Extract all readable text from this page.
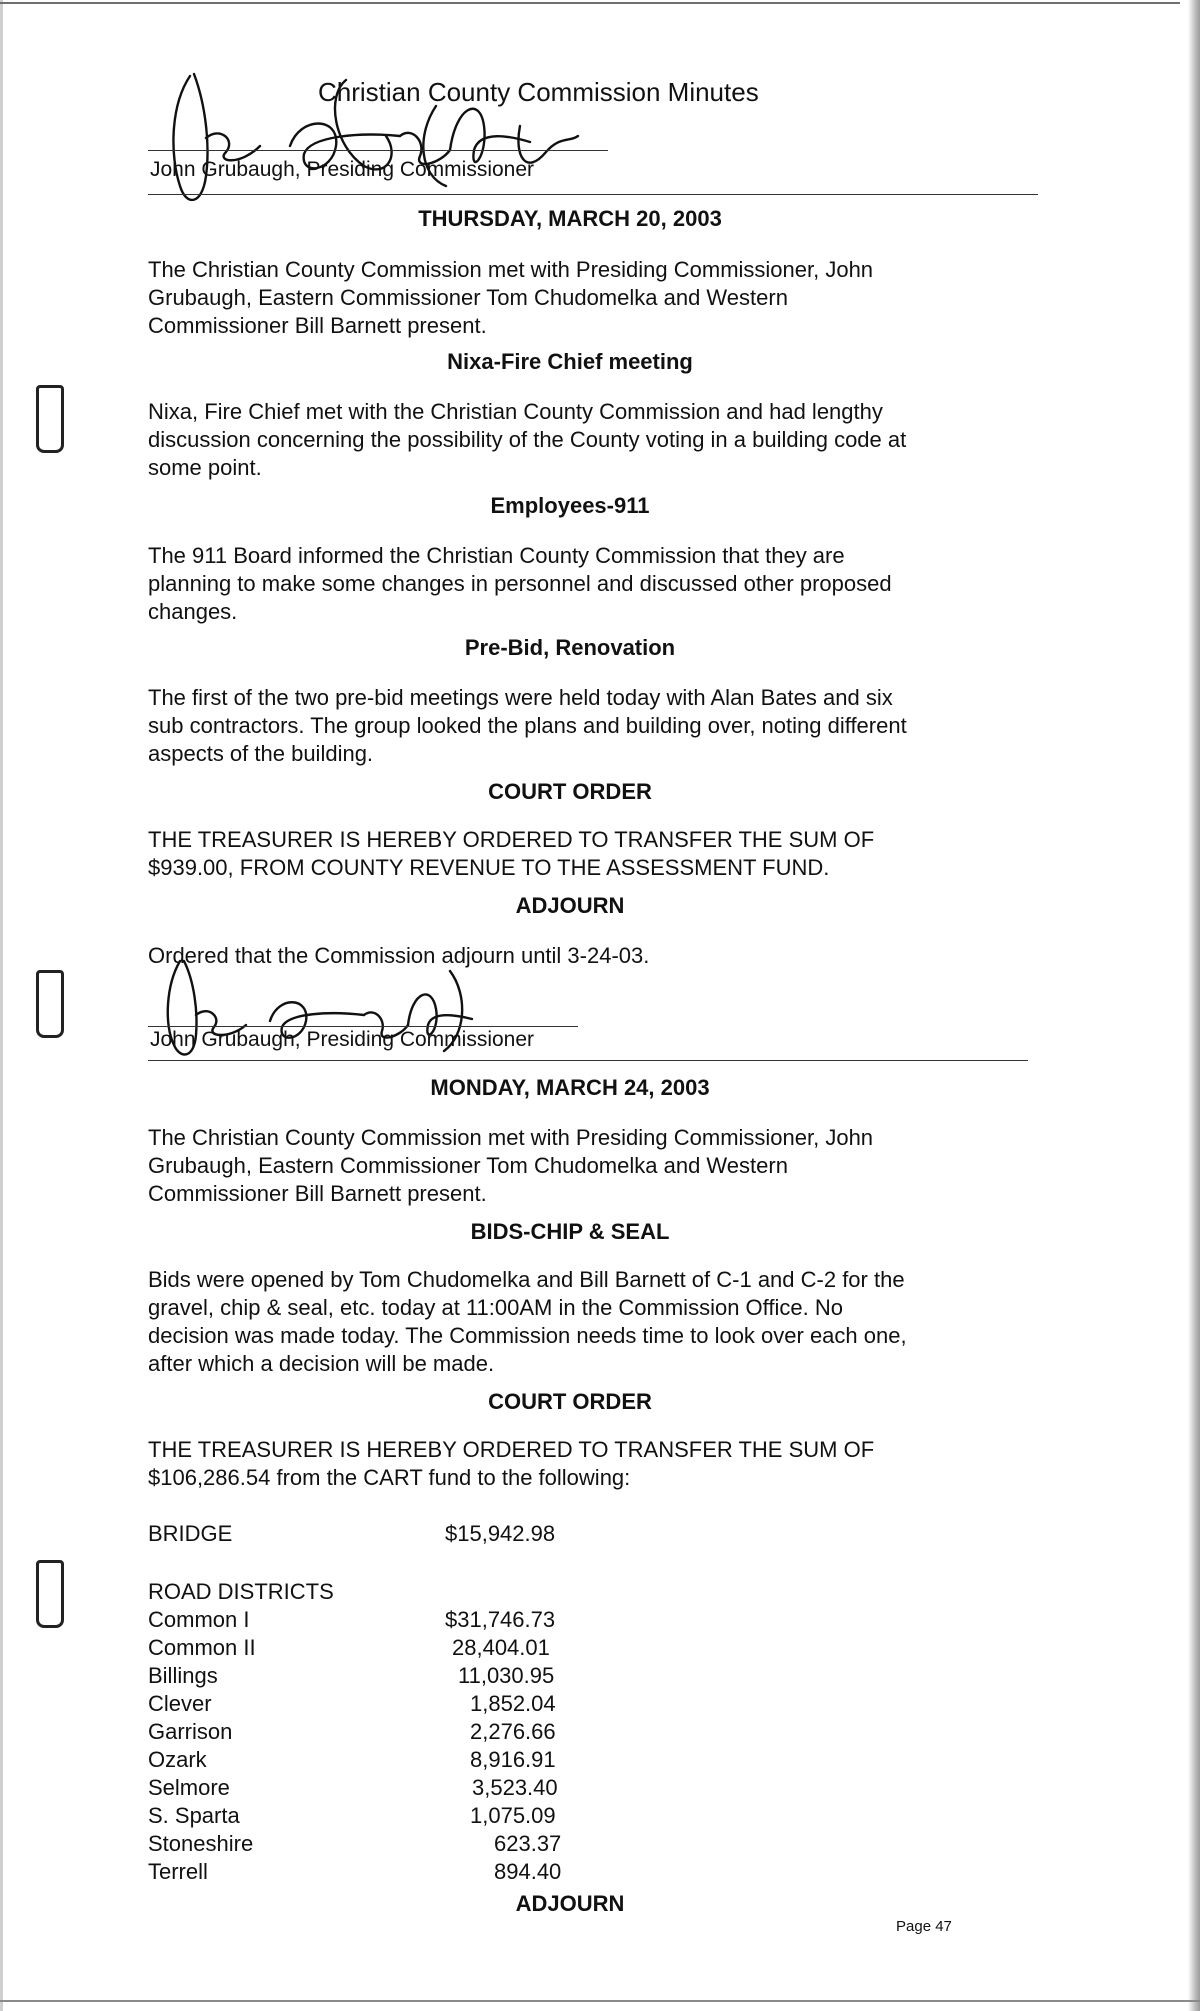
Christian County Commission Minutes
John Grubaugh, Presiding Commissioner
THURSDAY, MARCH 20, 2003
The Christian County Commission met with Presiding Commissioner, John
Grubaugh, Eastern Commissioner Tom Chudomelka and Western
Commissioner Bill Barnett present.
Nixa-Fire Chief meeting
Nixa, Fire Chief met with the Christian County Commission and had lengthy
discussion concerning the possibility of the County voting in a building code at
some point.
Employees-911
The 911 Board informed the Christian County Commission that they are
planning to make some changes in personnel and discussed other proposed
changes.
Pre-Bid, Renovation
The first of the two pre-bid meetings were held today with Alan Bates and six
sub contractors. The group looked the plans and building over, noting different
aspects of the building.
COURT ORDER
THE TREASURER IS HEREBY ORDERED TO TRANSFER THE SUM OF
$939.00, FROM COUNTY REVENUE TO THE ASSESSMENT FUND.
ADJOURN
Ordered that the Commission adjourn until 3-24-03.
John Grubaugh, Presiding Commissioner
MONDAY, MARCH 24, 2003
The Christian County Commission met with Presiding Commissioner, John
Grubaugh, Eastern Commissioner Tom Chudomelka and Western
Commissioner Bill Barnett present.
BIDS-CHIP & SEAL
Bids were opened by Tom Chudomelka and Bill Barnett of C-1 and C-2 for the
gravel, chip & seal, etc. today at 11:00AM in the Commission Office. No
decision was made today. The Commission needs time to look over each one,
after which a decision will be made.
COURT ORDER
THE TREASURER IS HEREBY ORDERED TO TRANSFER THE SUM OF
$106,286.54 from the CART fund to the following:
BRIDGE	$15,942.98
ROAD DISTRICTS
Common I	$31,746.73
Common II	28,404.01
Billings	11,030.95
Clever	1,852.04
Garrison	2,276.66
Ozark	8,916.91
Selmore	3,523.40
S. Sparta	1,075.09
Stoneshire	623.37
Terrell	894.40
ADJOURN
Page 47
